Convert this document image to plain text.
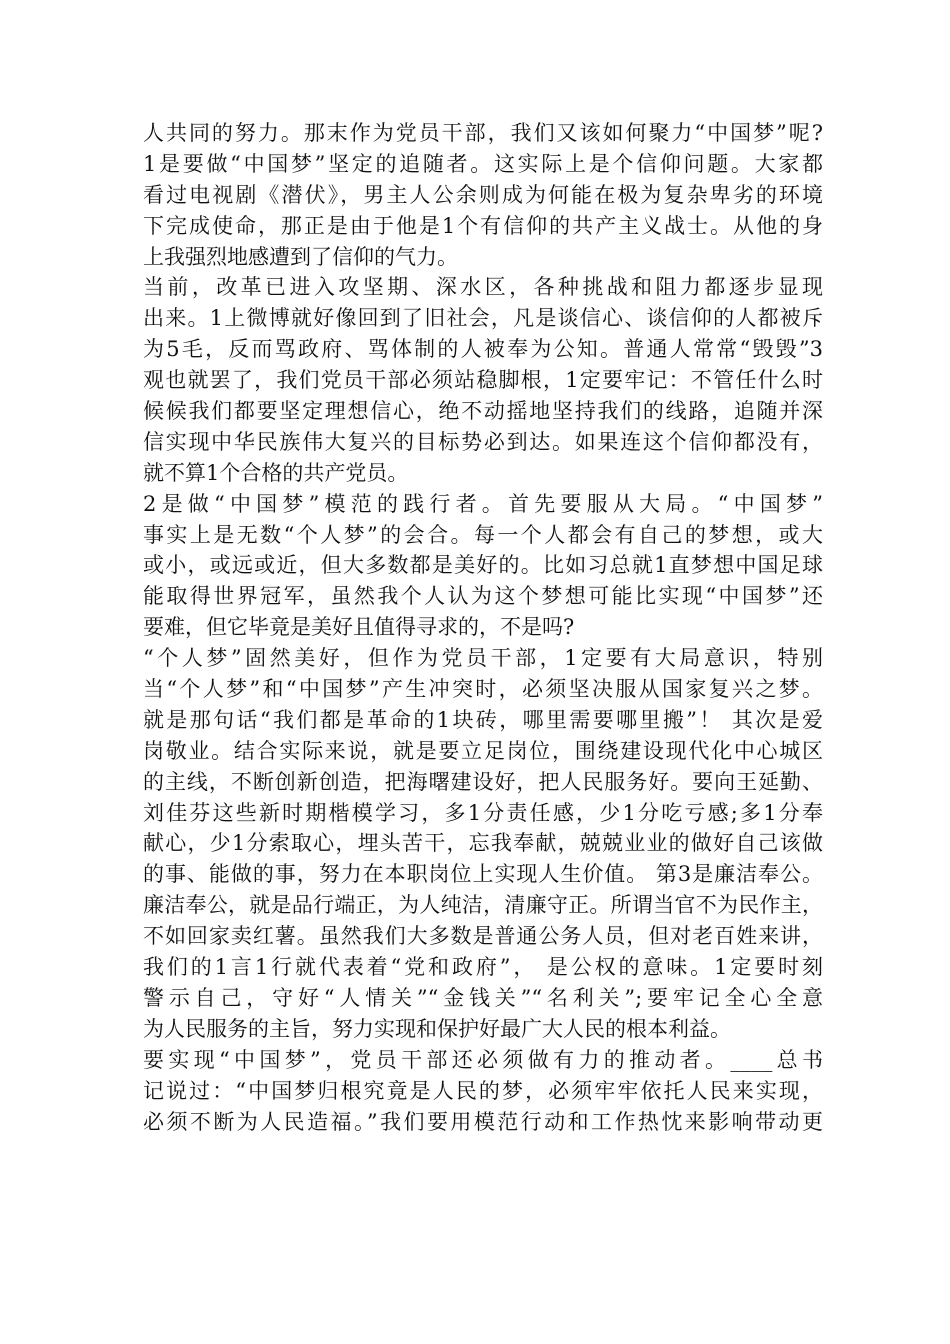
人共同的努力。那末作为党员干部，我们又该如何聚力“中国梦”呢?
1是要做“中国梦”坚定的追随者。这实际上是个信仰问题。大家都
看过电视剧《潜伏》，男主人公余则成为何能在极为复杂卑劣的环境
下完成使命，那正是由于他是1个有信仰的共产主义战士。从他的身
上我强烈地感遭到了信仰的气力。
当前，改革已进入攻坚期、深水区，各种挑战和阻力都逐步显现
出来。1上微博就好像回到了旧社会，凡是谈信心、谈信仰的人都被斥
为5毛，反而骂政府、骂体制的人被奉为公知。普通人常常“毁毁”3
观也就罢了，我们党员干部必须站稳脚根，1定要牢记：不管任什么时
候候我们都要坚定理想信心，绝不动摇地坚持我们的线路，追随并深
信实现中华民族伟大复兴的目标势必到达。如果连这个信仰都没有，
就不算1个合格的共产党员。
2是做“中国梦”模范的践行者。首先要服从大局。“中国梦”
事实上是无数“个人梦”的会合。每一个人都会有自己的梦想，或大
或小，或远或近，但大多数都是美好的。比如习总就1直梦想中国足球
能取得世界冠军，虽然我个人认为这个梦想可能比实现“中国梦”还
要难，但它毕竟是美好且值得寻求的，不是吗?
“个人梦”固然美好，但作为党员干部，1定要有大局意识，特别
当“个人梦”和“中国梦”产生冲突时，必须坚决服从国家复兴之梦。
就是那句话“我们都是革命的1块砖，哪里需要哪里搬”！ 其次是爱
岗敬业。结合实际来说，就是要立足岗位，围绕建设现代化中心城区
的主线，不断创新创造，把海曙建设好，把人民服务好。要向王延勤、
刘佳芬这些新时期楷模学习，多1分责任感，少1分吃亏感;多1分奉
献心，少1分索取心，埋头苦干，忘我奉献，兢兢业业的做好自己该做
的事、能做的事，努力在本职岗位上实现人生价值。 第3是廉洁奉公。
廉洁奉公，就是品行端正，为人纯洁，清廉守正。所谓当官不为民作主，
不如回家卖红薯。虽然我们大多数是普通公务人员，但对老百姓来讲，
我们的1言1行就代表着“党和政府”， 是公权的意味。1定要时刻
警示自己，守好“人情关”“金钱关”“名利关”;要牢记全心全意
为人民服务的主旨，努力实现和保护好最广大人民的根本利益。
要实现“中国梦”，党员干部还必须做有力的推动者。____总书
记说过：“中国梦归根究竟是人民的梦，必须牢牢依托人民来实现，
必须不断为人民造福。”我们要用模范行动和工作热忱来影响带动更
